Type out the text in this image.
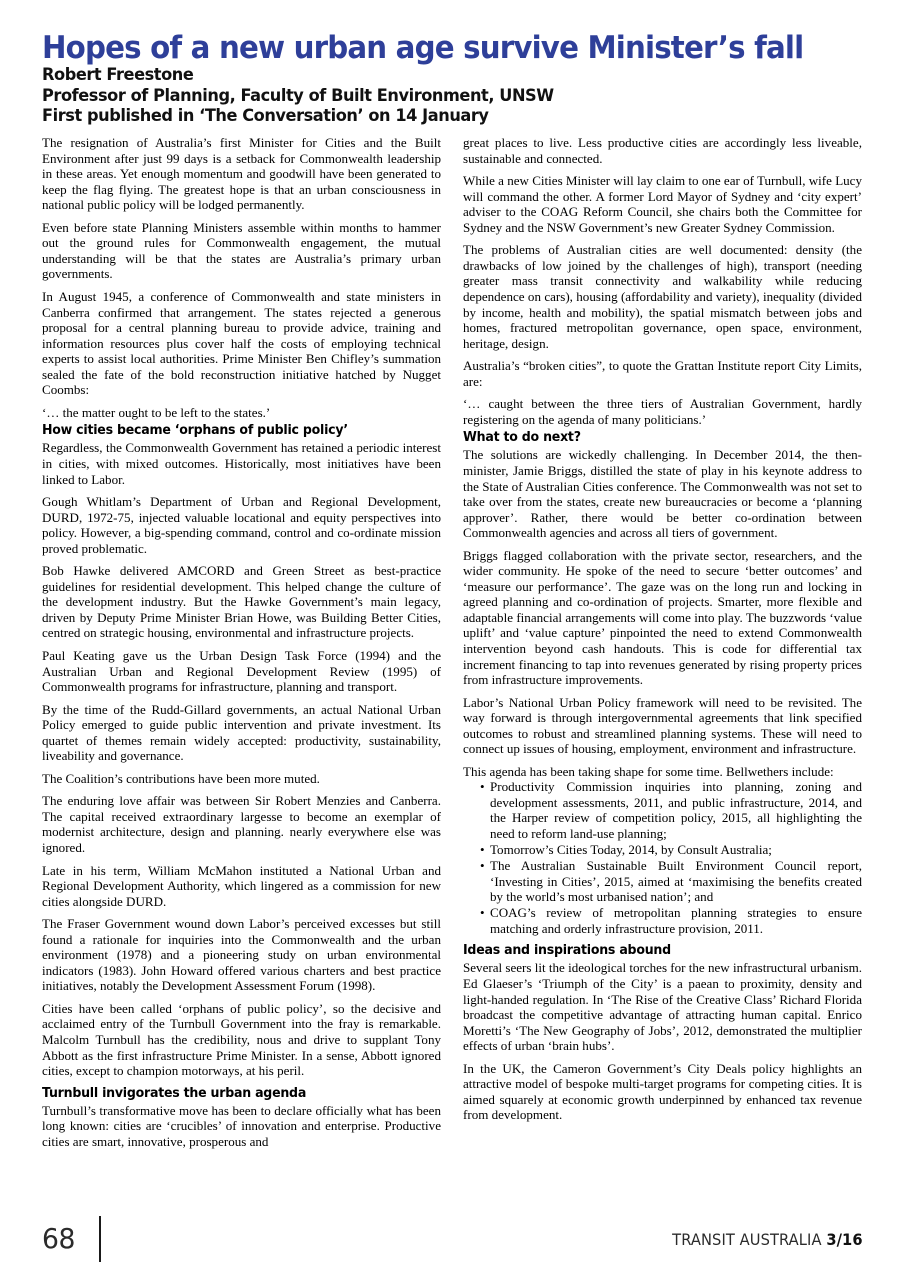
Hopes of a new urban age survive Minister’s fall
Robert Freestone
Professor of Planning, Faculty of Built Environment, UNSW
First published in ‘The Conversation’ on 14 January

The resignation of Australia’s first Minister for Cities and the Built Environment after just 99 days is a setback for Commonwealth leadership in these areas. Yet enough momentum and goodwill have been generated to keep the flag flying. The greatest hope is that an urban consciousness in national public policy will be lodged permanently.

Even before state Planning Ministers assemble within months to hammer out the ground rules for Commonwealth engagement, the mutual understanding will be that the states are Australia’s primary urban governments.

In August 1945, a conference of Commonwealth and state ministers in Canberra confirmed that arrangement. The states rejected a generous proposal for a central planning bureau to provide advice, training and information resources plus cover half the costs of employing technical experts to assist local authorities. Prime Minister Ben Chifley’s summation sealed the fate of the bold reconstruction initiative hatched by Nugget Coombs:

‘… the matter ought to be left to the states.’

How cities became ‘orphans of public policy’

Regardless, the Commonwealth Government has retained a periodic interest in cities, with mixed outcomes. Historically, most initiatives have been linked to Labor.

Gough Whitlam’s Department of Urban and Regional Development, DURD, 1972-75, injected valuable locational and equity perspectives into policy. However, a big-spending command, control and co-ordinate mission proved problematic.

Bob Hawke delivered AMCORD and Green Street as best-practice guidelines for residential development. This helped change the culture of the development industry. But the Hawke Government’s main legacy, driven by Deputy Prime Minister Brian Howe, was Building Better Cities, centred on strategic housing, environmental and infrastructure projects.

Paul Keating gave us the Urban Design Task Force (1994) and the Australian Urban and Regional Development Review (1995) of Commonwealth programs for infrastructure, planning and transport.

By the time of the Rudd-Gillard governments, an actual National Urban Policy emerged to guide public intervention and private investment. Its quartet of themes remain widely accepted: productivity, sustainability, liveability and governance.

The Coalition’s contributions have been more muted.

The enduring love affair was between Sir Robert Menzies and Canberra. The capital received extraordinary largesse to become an exemplar of modernist architecture, design and planning. nearly everywhere else was ignored.

Late in his term, William McMahon instituted a National Urban and Regional Development Authority, which lingered as a commission for new cities alongside DURD.

The Fraser Government wound down Labor’s perceived excesses but still found a rationale for inquiries into the Commonwealth and the urban environment (1978) and a pioneering study on urban environmental indicators (1983). John Howard offered various charters and best practice initiatives, notably the Development Assessment Forum (1998).

Cities have been called ‘orphans of public policy’, so the decisive and acclaimed entry of the Turnbull Government into the fray is remarkable. Malcolm Turnbull has the credibility, nous and drive to supplant Tony Abbott as the first infrastructure Prime Minister. In a sense, Abbott ignored cities, except to champion motorways, at his peril.

Turnbull invigorates the urban agenda

Turnbull’s transformative move has been to declare officially what has been long known: cities are ‘crucibles’ of innovation and enterprise. Productive cities are smart, innovative, prosperous and

great places to live. Less productive cities are accordingly less liveable, sustainable and connected.

While a new Cities Minister will lay claim to one ear of Turnbull, wife Lucy will command the other. A former Lord Mayor of Sydney and ‘city expert’ adviser to the COAG Reform Council, she chairs both the Committee for Sydney and the NSW Government’s new Greater Sydney Commission.

The problems of Australian cities are well documented: density (the drawbacks of low joined by the challenges of high), transport (needing greater mass transit connectivity and walkability while reducing dependence on cars), housing (affordability and variety), inequality (divided by income, health and mobility), the spatial mismatch between jobs and homes, fractured metropolitan governance, open space, environment, heritage, design.

Australia’s “broken cities”, to quote the Grattan Institute report City Limits, are:

‘… caught between the three tiers of Australian Government, hardly registering on the agenda of many politicians.’

What to do next?

The solutions are wickedly challenging. In December 2014, the then-minister, Jamie Briggs, distilled the state of play in his keynote address to the State of Australian Cities conference. The Commonwealth was not set to take over from the states, create new bureaucracies or become a ‘planning approver’. Rather, there would be better co-ordination between Commonwealth agencies and across all tiers of government.

Briggs flagged collaboration with the private sector, researchers, and the wider community. He spoke of the need to secure ‘better outcomes’ and ‘measure our performance’. The gaze was on the long run and locking in agreed planning and co-ordination of projects. Smarter, more flexible and adaptable financial arrangements will come into play. The buzzwords ‘value uplift’ and ‘value capture’ pinpointed the need to extend Commonwealth intervention beyond cash handouts. This is code for differential tax increment financing to tap into revenues generated by rising property prices from infrastructure improvements.

Labor’s National Urban Policy framework will need to be revisited. The way forward is through intergovernmental agreements that link specified outcomes to robust and streamlined planning systems. These will need to connect up issues of housing, employment, environment and infrastructure.

This agenda has been taking shape for some time. Bellwethers include:

• Productivity Commission inquiries into planning, zoning and development assessments, 2011, and public infrastructure, 2014, and the Harper review of competition policy, 2015, all highlighting the need to reform land-use planning;
• Tomorrow’s Cities Today, 2014, by Consult Australia;
• The Australian Sustainable Built Environment Council report, ‘Investing in Cities’, 2015, aimed at ‘maximising the benefits created by the world’s most urbanised nation’; and
• COAG’s review of metropolitan planning strategies to ensure matching and orderly infrastructure provision, 2011.
Ideas and inspirations abound

Several seers lit the ideological torches for the new infrastructural urbanism. Ed Glaeser’s ‘Triumph of the City’ is a paean to proximity, density and light-handed regulation. In ‘The Rise of the Creative Class’ Richard Florida broadcast the competitive advantage of attracting human capital. Enrico Moretti’s ‘The New Geography of Jobs’, 2012, demonstrated the multiplier effects of urban ‘brain hubs’.

In the UK, the Cameron Government’s City Deals policy highlights an attractive model of bespoke multi-target programs for competing cities. It is aimed squarely at economic growth underpinned by enhanced tax revenue from development.

68	TRANSIT AUSTRALIA 3/16
